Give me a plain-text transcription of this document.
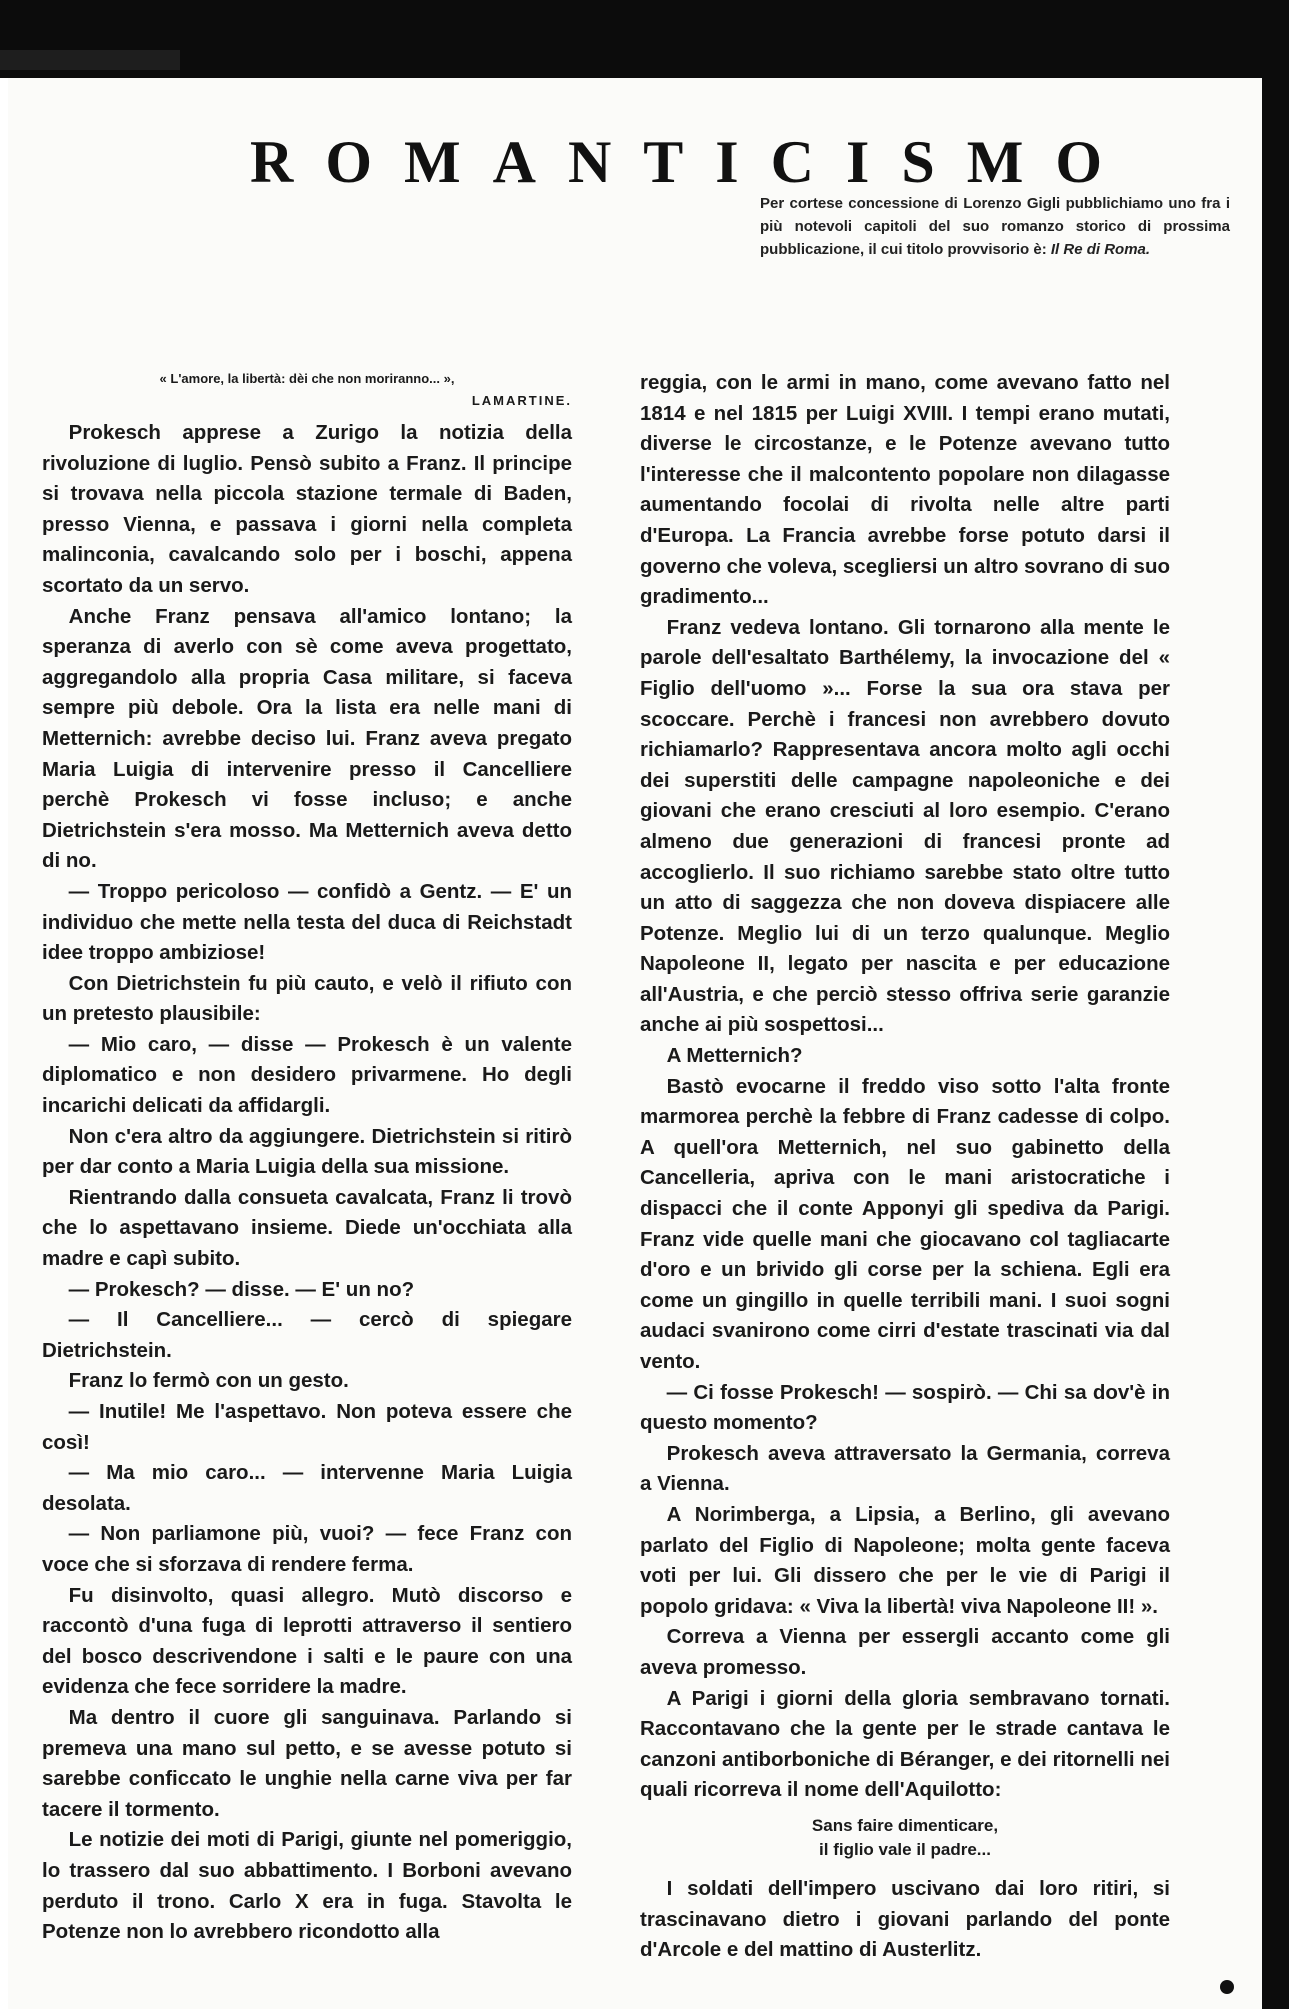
ROMANTICISMO

Per cortese concessione di Lorenzo Gigli pubblichiamo uno fra i più notevoli capitoli del suo romanzo storico di prossima pubblicazione, il cui titolo provvisorio è: Il Re di Roma.

« L'amore, la libertà: dèi che non moriranno... »,
LAMARTINE.

Prokesch apprese a Zurigo la notizia della rivoluzione di luglio. Pensò subito a Franz. Il principe si trovava nella piccola stazione termale di Baden, presso Vienna, e passava i giorni nella completa malinconia, cavalcando solo per i boschi, appena scortato da un servo.

Anche Franz pensava all'amico lontano; la speranza di averlo con sè come aveva progettato, aggregandolo alla propria Casa militare, si faceva sempre più debole. Ora la lista era nelle mani di Metternich: avrebbe deciso lui. Franz aveva pregato Maria Luigia di intervenire presso il Cancelliere perchè Prokesch vi fosse incluso; e anche Dietrichstein s'era mosso. Ma Metternich aveva detto di no.

— Troppo pericoloso — confidò a Gentz. — E' un individuo che mette nella testa del duca di Reichstadt idee troppo ambiziose!

Con Dietrichstein fu più cauto, e velò il rifiuto con un pretesto plausibile:

— Mio caro, — disse — Prokesch è un valente diplomatico e non desidero privarmene. Ho degli incarichi delicati da affidargli.

Non c'era altro da aggiungere. Dietrichstein si ritirò per dar conto a Maria Luigia della sua missione.

Rientrando dalla consueta cavalcata, Franz li trovò che lo aspettavano insieme. Diede un'occhiata alla madre e capì subito.

— Prokesch? — disse. — E' un no?

— Il Cancelliere... — cercò di spiegare Dietrichstein.

Franz lo fermò con un gesto.

— Inutile! Me l'aspettavo. Non poteva essere che così!

— Ma mio caro... — intervenne Maria Luigia desolata.

— Non parliamone più, vuoi? — fece Franz con voce che si sforzava di rendere ferma.

Fu disinvolto, quasi allegro. Mutò discorso e raccontò d'una fuga di leprotti attraverso il sentiero del bosco descrivendone i salti e le paure con una evidenza che fece sorridere la madre.

Ma dentro il cuore gli sanguinava. Parlando si premeva una mano sul petto, e se avesse potuto si sarebbe conficcato le unghie nella carne viva per far tacere il tormento.

Le notizie dei moti di Parigi, giunte nel pomeriggio, lo trassero dal suo abbattimento. I Borboni avevano perduto il trono. Carlo X era in fuga. Stavolta le Potenze non lo avrebbero ricondotto alla

reggia, con le armi in mano, come avevano fatto nel 1814 e nel 1815 per Luigi XVIII. I tempi erano mutati, diverse le circostanze, e le Potenze avevano tutto l'interesse che il malcontento popolare non dilagasse aumentando focolai di rivolta nelle altre parti d'Europa. La Francia avrebbe forse potuto darsi il governo che voleva, scegliersi un altro sovrano di suo gradimento...

Franz vedeva lontano. Gli tornarono alla mente le parole dell'esaltato Barthélemy, la invocazione del « Figlio dell'uomo »... Forse la sua ora stava per scoccare. Perchè i francesi non avrebbero dovuto richiamarlo? Rappresentava ancora molto agli occhi dei superstiti delle campagne napoleoniche e dei giovani che erano cresciuti al loro esempio. C'erano almeno due generazioni di francesi pronte ad accoglierlo. Il suo richiamo sarebbe stato oltre tutto un atto di saggezza che non doveva dispiacere alle Potenze. Meglio lui di un terzo qualunque. Meglio Napoleone II, legato per nascita e per educazione all'Austria, e che perciò stesso offriva serie garanzie anche ai più sospettosi...

A Metternich?

Bastò evocarne il freddo viso sotto l'alta fronte marmorea perchè la febbre di Franz cadesse di colpo. A quell'ora Metternich, nel suo gabinetto della Cancelleria, apriva con le mani aristocratiche i dispacci che il conte Apponyi gli spediva da Parigi. Franz vide quelle mani che giocavano col tagliacarte d'oro e un brivido gli corse per la schiena. Egli era come un gingillo in quelle terribili mani. I suoi sogni audaci svanirono come cirri d'estate trascinati via dal vento.

— Ci fosse Prokesch! — sospirò. — Chi sa dov'è in questo momento?

Prokesch aveva attraversato la Germania, correva a Vienna.

A Norimberga, a Lipsia, a Berlino, gli avevano parlato del Figlio di Napoleone; molta gente faceva voti per lui. Gli dissero che per le vie di Parigi il popolo gridava: « Viva la libertà! viva Napoleone II! ».

Correva a Vienna per essergli accanto come gli aveva promesso.

A Parigi i giorni della gloria sembravano tornati. Raccontavano che la gente per le strade cantava le canzoni antiborboniche di Béranger, e dei ritornelli nei quali ricorreva il nome dell'Aquilotto:

Sans faire dimenticare,
il figlio vale il padre...

I soldati dell'impero uscivano dai loro ritiri, si trascinavano dietro i giovani parlando del ponte d'Arcole e del mattino di Austerlitz.
